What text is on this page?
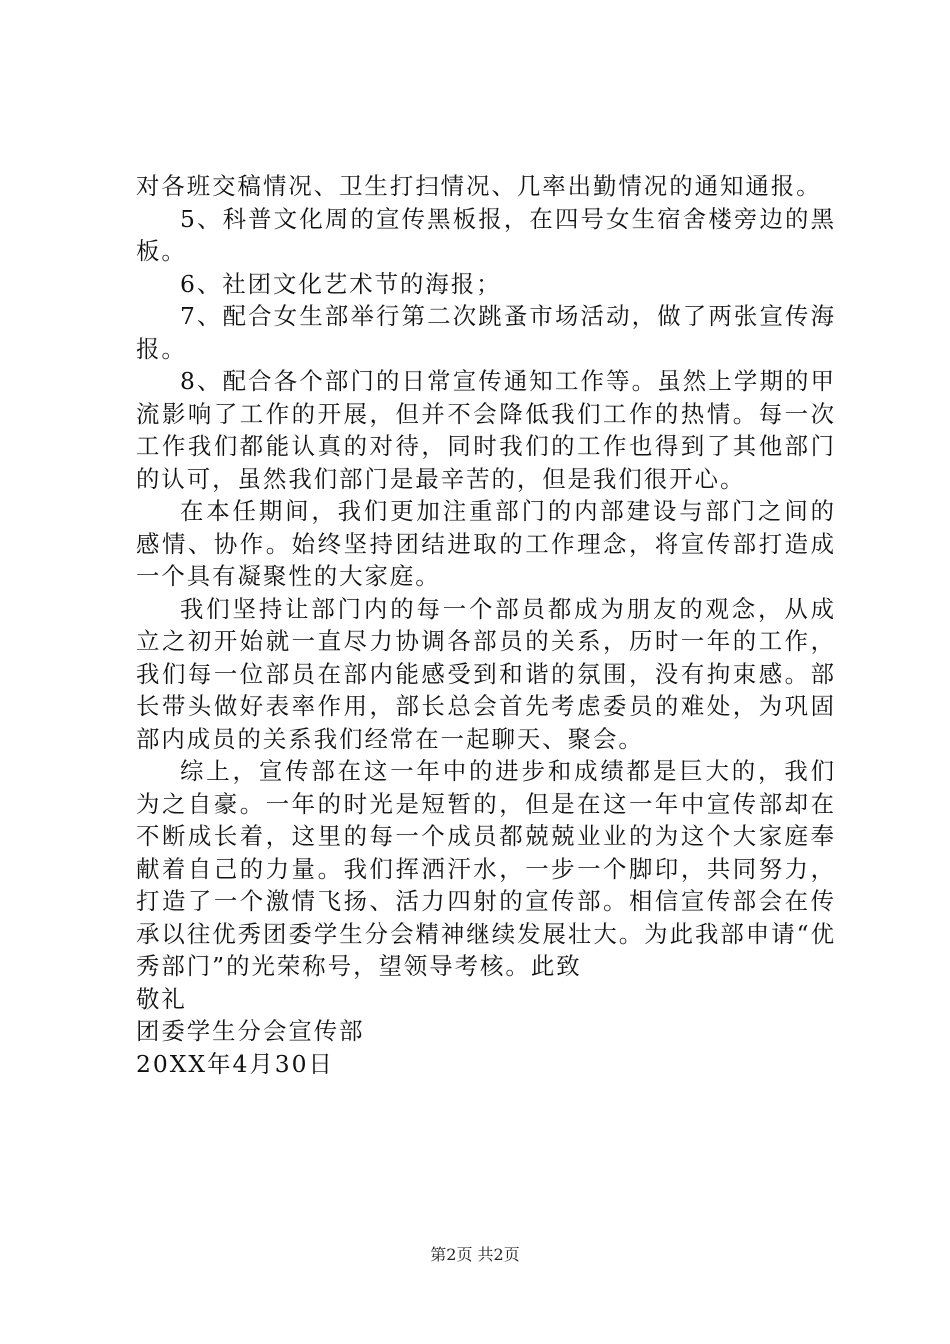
对各班交稿情况、卫生打扫情况、几率出勤情况的通知通报。

5、科普文化周的宣传黑板报，在四号女生宿舍楼旁边的黑板。

6、社团文化艺术节的海报；

7、配合女生部举行第二次跳蚤市场活动，做了两张宣传海报。

8、配合各个部门的日常宣传通知工作等。虽然上学期的甲流影响了工作的开展，但并不会降低我们工作的热情。每一次工作我们都能认真的对待，同时我们的工作也得到了其他部门的认可，虽然我们部门是最辛苦的，但是我们很开心。

在本任期间，我们更加注重部门的内部建设与部门之间的感情、协作。始终坚持团结进取的工作理念，将宣传部打造成一个具有凝聚性的大家庭。

我们坚持让部门内的每一个部员都成为朋友的观念，从成立之初开始就一直尽力协调各部员的关系，历时一年的工作，我们每一位部员在部内能感受到和谐的氛围，没有拘束感。部长带头做好表率作用，部长总会首先考虑委员的难处，为巩固部内成员的关系我们经常在一起聊天、聚会。

综上，宣传部在这一年中的进步和成绩都是巨大的，我们为之自豪。一年的时光是短暂的，但是在这一年中宣传部却在不断成长着，这里的每一个成员都兢兢业业的为这个大家庭奉献着自己的力量。我们挥洒汗水，一步一个脚印，共同努力，打造了一个激情飞扬、活力四射的宣传部。相信宣传部会在传承以往优秀团委学生分会精神继续发展壮大。为此我部申请“优秀部门”的光荣称号，望领导考核。此致

敬礼

团委学生分会宣传部

20XX年4月30日

第2页 共2页
